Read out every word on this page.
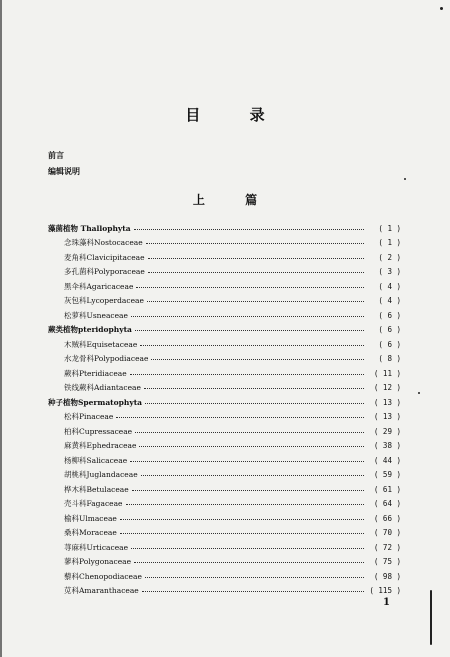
目 录
前言
编辑说明
上 篇
藻菌植物 Thallophyta	( 1 )
念珠藻科Nostocaceae	( 1 )
麦角科Clavicipitaceae	( 2 )
多孔菌科Polyporaceae	( 3 )
黑伞科Agaricaceae	( 4 )
灰包科Lycoperdaceae	( 4 )
松萝科Usneaceae	( 6 )
蕨类植物pteridophyta	( 6 )
木贼科Equisetaceae	( 6 )
水龙骨科Polypodiaceae	( 8 )
蕨科Pteridiaceae	( 11 )
铁线蕨科Adiantaceae	( 12 )
种子植物Spermatophyta	( 13 )
松科Pinaceae	( 13 )
柏科Cupressaceae	( 29 )
麻黄科Ephedraceae	( 38 )
杨柳科Salicaceae	( 44 )
胡桃科Juglandaceae	( 59 )
桦木科Betulaceae	( 61 )
壳斗科Fagaceae	( 64 )
榆科Ulmaceae	( 66 )
桑科Moraceae	( 70 )
荨麻科Urticaceae	( 72 )
蓼科Polygonaceae	( 75 )
藜科Chenopodiaceae	( 98 )
苋科Amaranthaceae	( 115 )
1
